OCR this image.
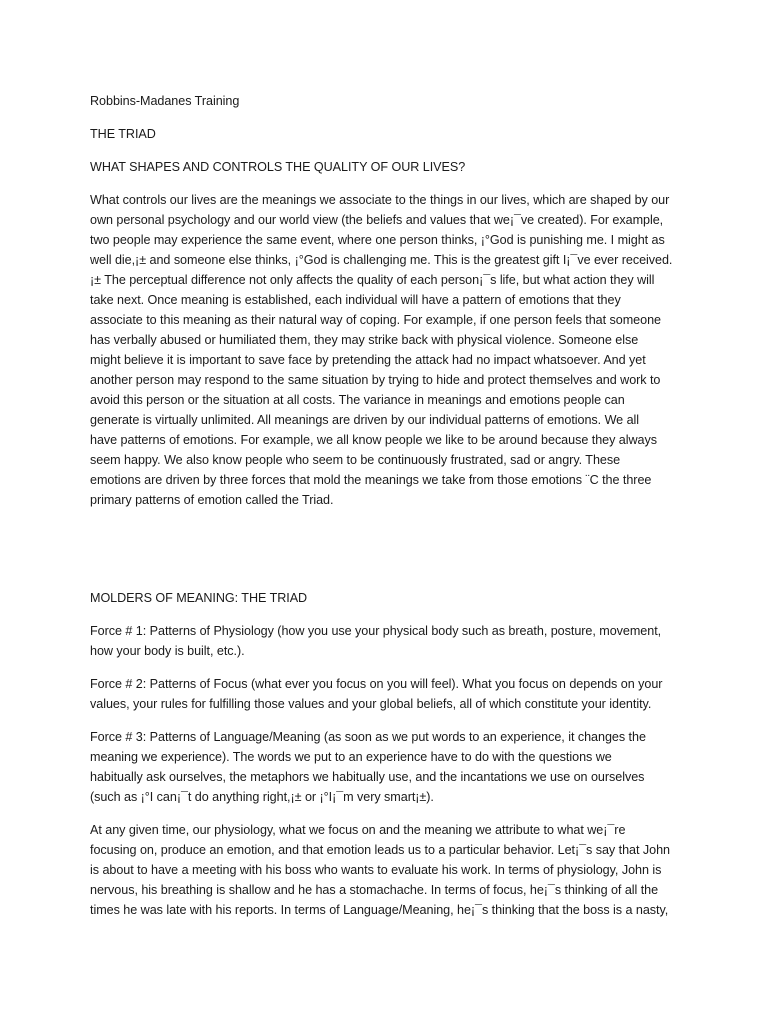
Robbins-Madanes Training
THE TRIAD
WHAT SHAPES AND CONTROLS THE QUALITY OF OUR LIVES?
What controls our lives are the meanings we associate to the things in our lives, which are shaped by our
own personal psychology and our world view (the beliefs and values that we¡¯ve created). For example,
two people may experience the same event, where one person thinks, ¡°God is punishing me. I might as
well die,¡± and someone else thinks, ¡°God is challenging me. This is the greatest gift I¡¯ve ever received.
¡± The perceptual difference not only affects the quality of each person¡¯s life, but what action they will
take next. Once meaning is established, each individual will have a pattern of emotions that they
associate to this meaning as their natural way of coping. For example, if one person feels that someone
has verbally abused or humiliated them, they may strike back with physical violence. Someone else
might believe it is important to save face by pretending the attack had no impact whatsoever. And yet
another person may respond to the same situation by trying to hide and protect themselves and work to
avoid this person or the situation at all costs. The variance in meanings and emotions people can
generate is virtually unlimited. All meanings are driven by our individual patterns of emotions. We all
have patterns of emotions. For example, we all know people we like to be around because they always
seem happy. We also know people who seem to be continuously frustrated, sad or angry. These
emotions are driven by three forces that mold the meanings we take from those emotions ¨C the three
primary patterns of emotion called the Triad.
MOLDERS OF MEANING: THE TRIAD
Force # 1: Patterns of Physiology (how you use your physical body such as breath, posture, movement,
how your body is built, etc.).
Force # 2: Patterns of Focus (what ever you focus on you will feel). What you focus on depends on your
values, your rules for fulfilling those values and your global beliefs, all of which constitute your identity.
Force # 3: Patterns of Language/Meaning (as soon as we put words to an experience, it changes the
meaning we experience). The words we put to an experience have to do with the questions we
habitually ask ourselves, the metaphors we habitually use, and the incantations we use on ourselves
(such as ¡°I can¡¯t do anything right,¡± or ¡°I¡¯m very smart¡±).
At any given time, our physiology, what we focus on and the meaning we attribute to what we¡¯re
focusing on, produce an emotion, and that emotion leads us to a particular behavior. Let¡¯s say that John
is about to have a meeting with his boss who wants to evaluate his work. In terms of physiology, John is
nervous, his breathing is shallow and he has a stomachache. In terms of focus, he¡¯s thinking of all the
times he was late with his reports. In terms of Language/Meaning, he¡¯s thinking that the boss is a nasty,
